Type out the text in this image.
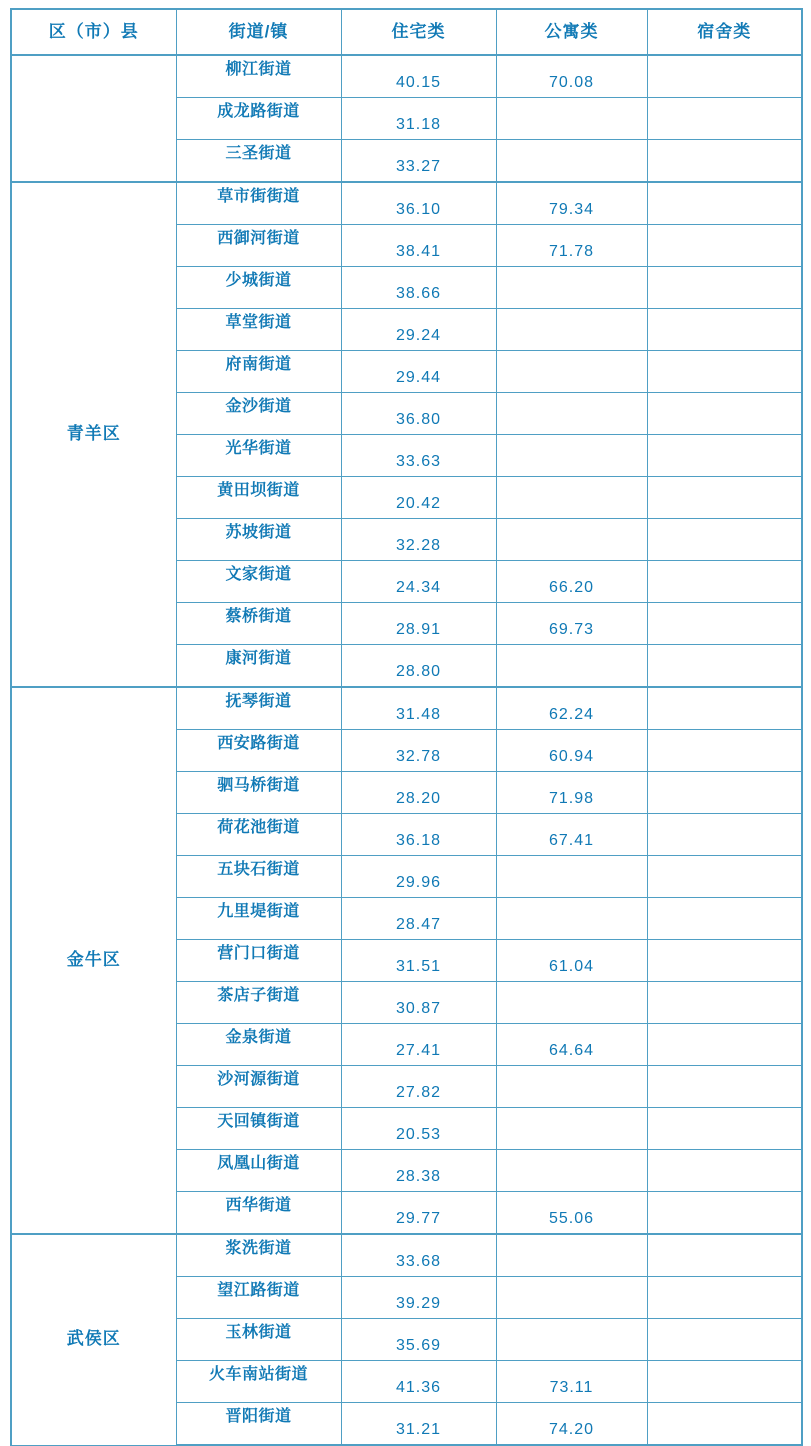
区（市）县	街道/镇	住宅类	公寓类	宿舍类
	柳江街道	40.15	70.08	
	成龙路街道	31.18		
	三圣街道	33.27		
青羊区	草市街街道	36.10	79.34	
	西御河街道	38.41	71.78	
	少城街道	38.66		
	草堂街道	29.24		
	府南街道	29.44		
	金沙街道	36.80		
	光华街道	33.63		
	黄田坝街道	20.42		
	苏坡街道	32.28		
	文家街道	24.34	66.20	
	蔡桥街道	28.91	69.73	
	康河街道	28.80		
金牛区	抚琴街道	31.48	62.24	
	西安路街道	32.78	60.94	
	驷马桥街道	28.20	71.98	
	荷花池街道	36.18	67.41	
	五块石街道	29.96		
	九里堤街道	28.47		
	营门口街道	31.51	61.04	
	茶店子街道	30.87		
	金泉街道	27.41	64.64	
	沙河源街道	27.82		
	天回镇街道	20.53		
	凤凰山街道	28.38		
	西华街道	29.77	55.06	
武侯区	浆洗街道	33.68		
	望江路街道	39.29		
	玉林街道	35.69		
	火车南站街道	41.36	73.11	
	晋阳街道	31.21	74.20	
